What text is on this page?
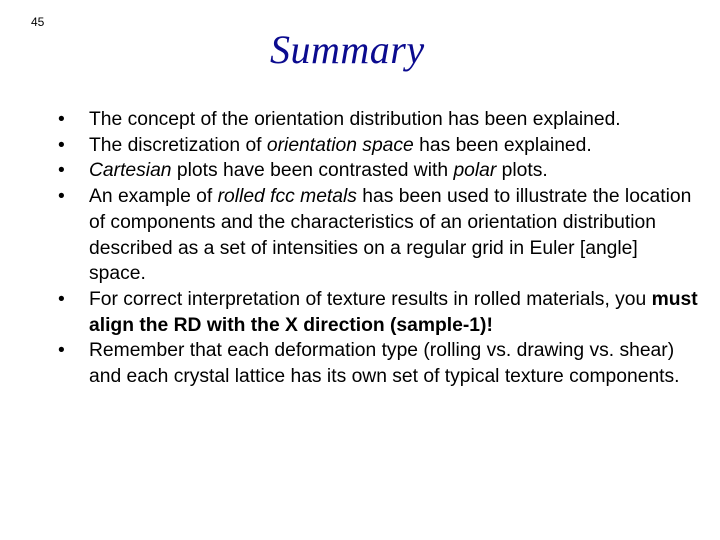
45
Summary
•	The concept of the orientation distribution has been explained.
•	The discretization of orientation space has been explained.
•	Cartesian plots have been contrasted with polar plots.
•	An example of rolled fcc metals has been used to illustrate the location of components and the characteristics of an orientation distribution described as a set of intensities on a regular grid in Euler [angle] space.
•	For correct interpretation of texture results in rolled materials, you must align the RD with the X direction (sample-1)!
•	Remember that each deformation type (rolling vs. drawing vs. shear) and each crystal lattice has its own set of typical texture components.
